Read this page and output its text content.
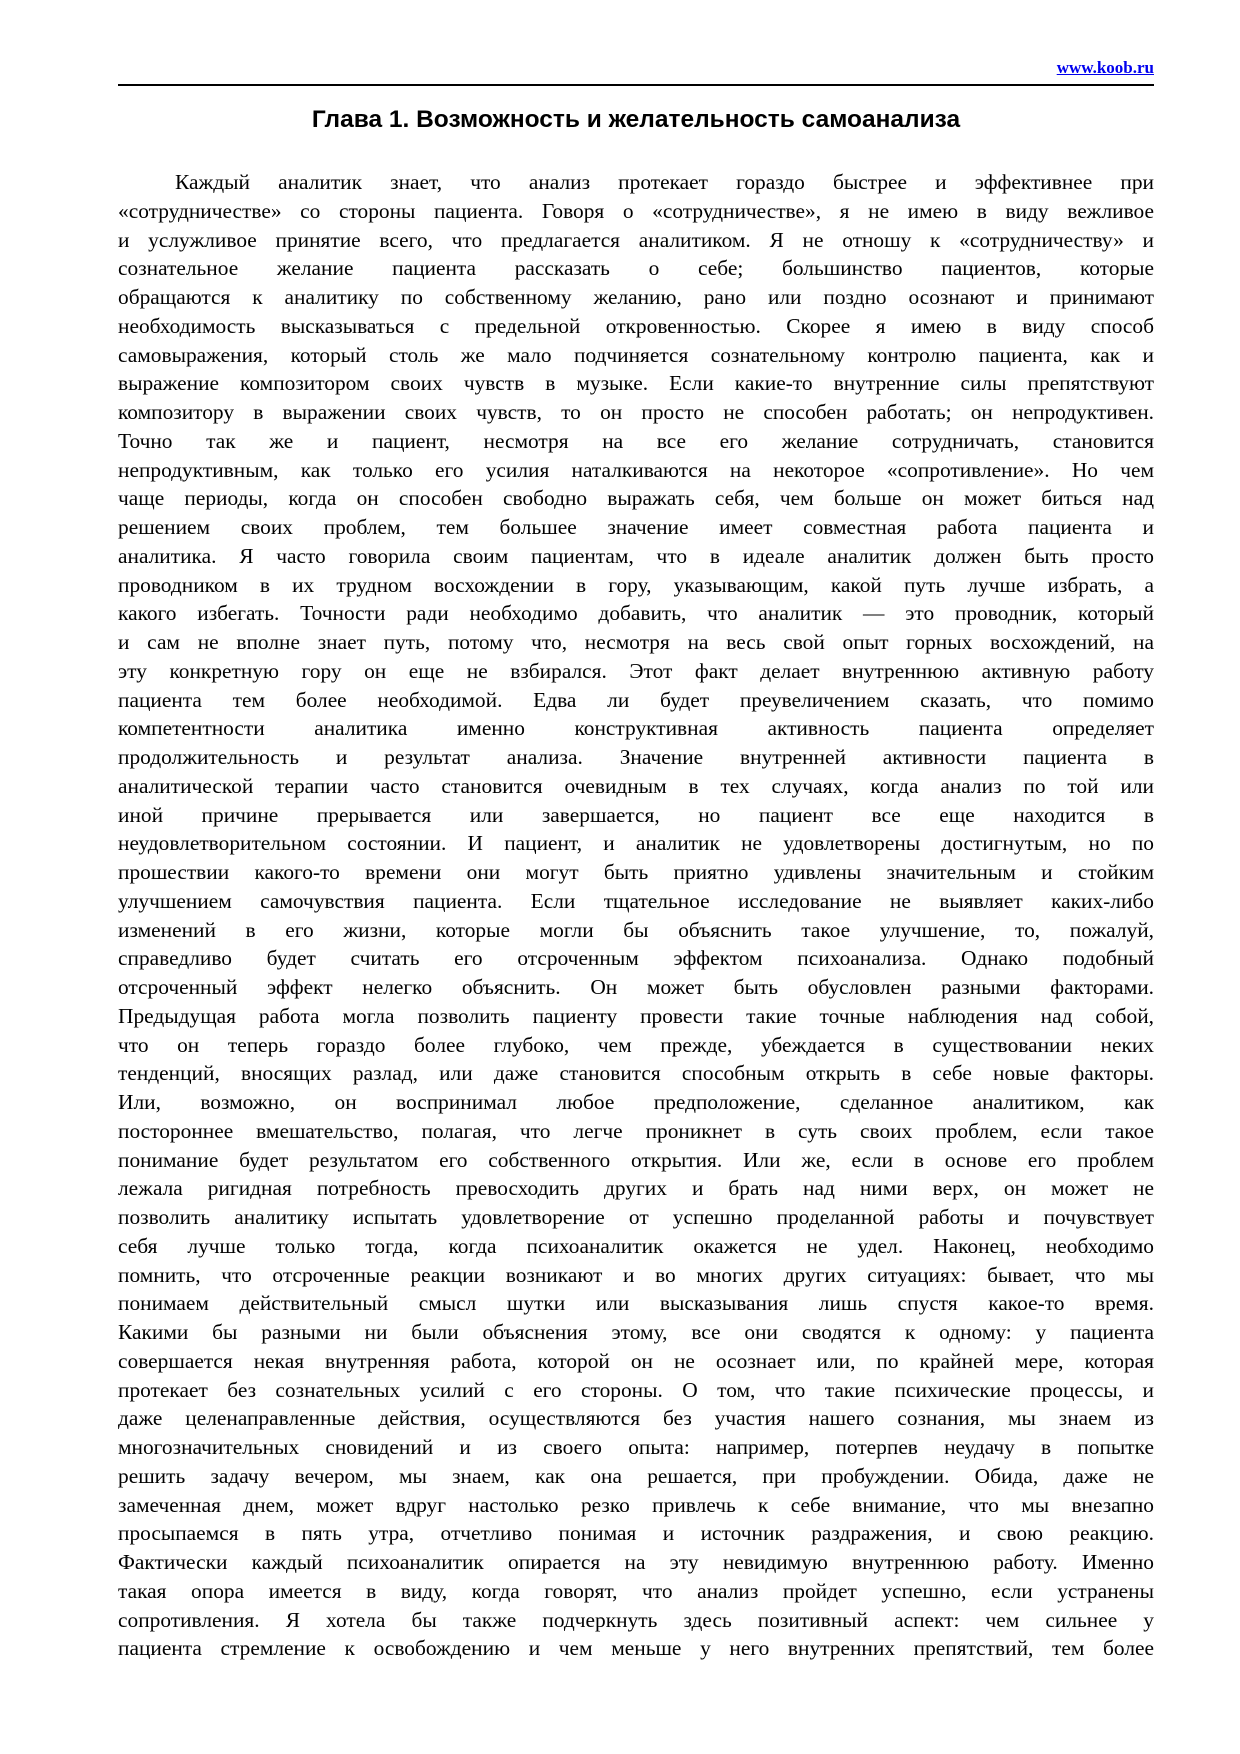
www.koob.ru
Глава 1. Возможность и желательность самоанализа
Каждый аналитик знает, что анализ протекает гораздо быстрее и эффективнее при
«сотрудничестве» со стороны пациента. Говоря о «сотрудничестве», я не имею в виду вежливое
и услужливое принятие всего, что предлагается аналитиком. Я не отношу к «сотрудничеству» и
сознательное желание пациента рассказать о себе; большинство пациентов, которые
обращаются к аналитику по собственному желанию, рано или поздно осознают и принимают
необходимость высказываться с предельной откровенностью. Скорее я имею в виду способ
самовыражения, который столь же мало подчиняется сознательному контролю пациента, как и
выражение композитором своих чувств в музыке. Если какие-то внутренние силы препятствуют
композитору в выражении своих чувств, то он просто не способен работать; он непродуктивен.
Точно так же и пациент, несмотря на все его желание сотрудничать, становится
непродуктивным, как только его усилия наталкиваются на некоторое «сопротивление». Но чем
чаще периоды, когда он способен свободно выражать себя, чем больше он может биться над
решением своих проблем, тем большее значение имеет совместная работа пациента и
аналитика. Я часто говорила своим пациентам, что в идеале аналитик должен быть просто
проводником в их трудном восхождении в гору, указывающим, какой путь лучше избрать, а
какого избегать. Точности ради необходимо добавить, что аналитик — это проводник, который
и сам не вполне знает путь, потому что, несмотря на весь свой опыт горных восхождений, на
эту конкретную гору он еще не взбирался. Этот факт делает внутреннюю активную работу
пациента тем более необходимой. Едва ли будет преувеличением сказать, что помимо
компетентности аналитика именно конструктивная активность пациента определяет
продолжительность и результат анализа. Значение внутренней активности пациента в
аналитической терапии часто становится очевидным в тех случаях, когда анализ по той или
иной причине прерывается или завершается, но пациент все еще находится в
неудовлетворительном состоянии. И пациент, и аналитик не удовлетворены достигнутым, но по
прошествии какого-то времени они могут быть приятно удивлены значительным и стойким
улучшением самочувствия пациента. Если тщательное исследование не выявляет каких-либо
изменений в его жизни, которые могли бы объяснить такое улучшение, то, пожалуй,
справедливо будет считать его отсроченным эффектом психоанализа. Однако подобный
отсроченный эффект нелегко объяснить. Он может быть обусловлен разными факторами.
Предыдущая работа могла позволить пациенту провести такие точные наблюдения над собой,
что он теперь гораздо более глубоко, чем прежде, убеждается в существовании неких
тенденций, вносящих разлад, или даже становится способным открыть в себе новые факторы.
Или, возможно, он воспринимал любое предположение, сделанное аналитиком, как
постороннее вмешательство, полагая, что легче проникнет в суть своих проблем, если такое
понимание будет результатом его собственного открытия. Или же, если в основе его проблем
лежала ригидная потребность превосходить других и брать над ними верх, он может не
позволить аналитику испытать удовлетворение от успешно проделанной работы и почувствует
себя лучше только тогда, когда психоаналитик окажется не удел. Наконец, необходимо
помнить, что отсроченные реакции возникают и во многих других ситуациях: бывает, что мы
понимаем действительный смысл шутки или высказывания лишь спустя какое-то время.
Какими бы разными ни были объяснения этому, все они сводятся к одному: у пациента
совершается некая внутренняя работа, которой он не осознает или, по крайней мере, которая
протекает без сознательных усилий с его стороны. О том, что такие психические процессы, и
даже целенаправленные действия, осуществляются без участия нашего сознания, мы знаем из
многозначительных сновидений и из своего опыта: например, потерпев неудачу в попытке
решить задачу вечером, мы знаем, как она решается, при пробуждении. Обида, даже не
замеченная днем, может вдруг настолько резко привлечь к себе внимание, что мы внезапно
просыпаемся в пять утра, отчетливо понимая и источник раздражения, и свою реакцию.
Фактически каждый психоаналитик опирается на эту невидимую внутреннюю работу. Именно
такая опора имеется в виду, когда говорят, что анализ пройдет успешно, если устранены
сопротивления. Я хотела бы также подчеркнуть здесь позитивный аспект: чем сильнее у
пациента стремление к освобождению и чем меньше у него внутренних препятствий, тем более
